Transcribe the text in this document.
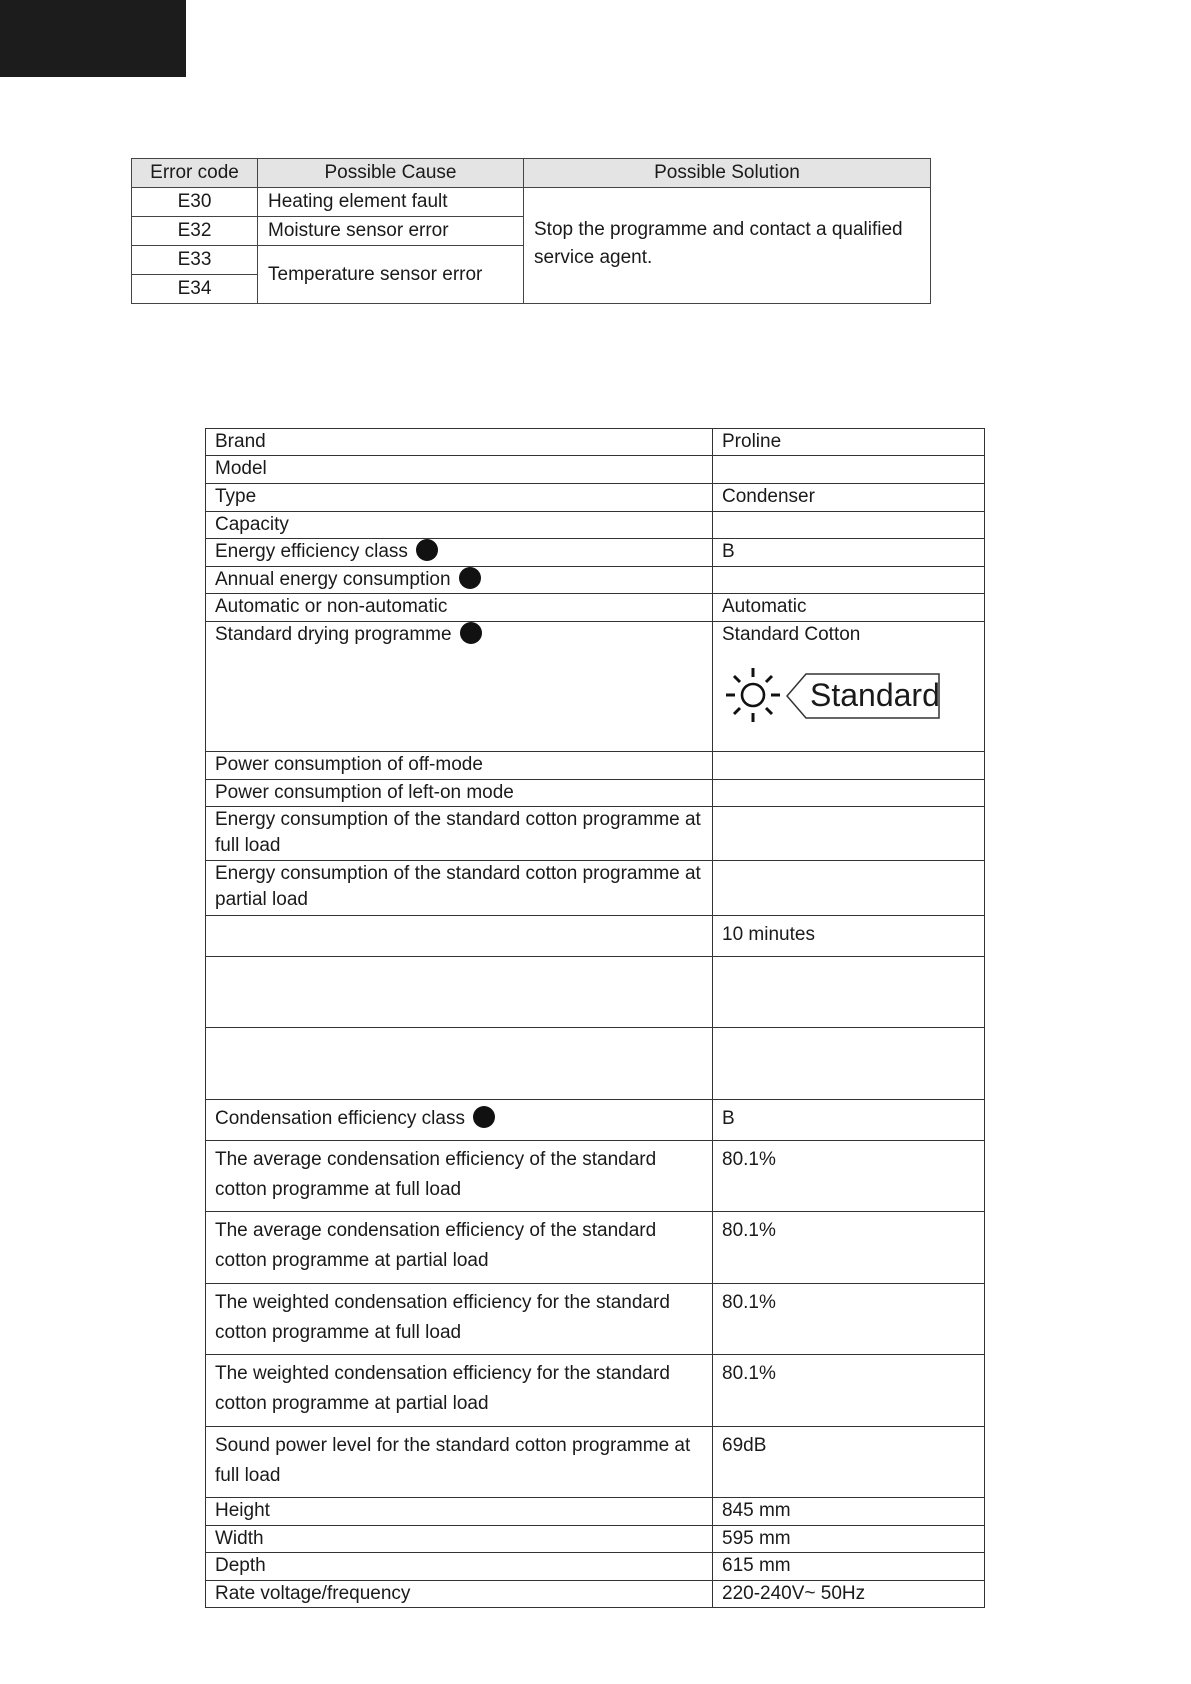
Error code	Possible Cause	Possible Solution
E30	Heating element fault	Stop the programme and contact a qualified service agent.
E32	Moisture sensor error	
E33	Temperature sensor error	
E34		
Brand	Proline
Model	
Type	Condenser
Capacity	
Energy efficiency class	B
Annual energy consumption	
Automatic or non-automatic	Automatic
Standard drying programme	Standard Cotton
Standard

Power consumption of off-mode	
Power consumption of left-on mode	
Energy consumption of the standard cotton programme at full load	
Energy consumption of the standard cotton programme at partial load	
	10 minutes

Condensation efficiency class	B
The average condensation efficiency of the standard cotton programme at full load	80.1%
The average condensation efficiency of the standard cotton programme at partial load	80.1%
The weighted condensation efficiency for the standard cotton programme at full load	80.1%
The weighted condensation efficiency for the standard cotton programme at partial load	80.1%
Sound power level for the standard cotton programme at full load	69dB
Height	845 mm
Width	595 mm
Depth	615 mm
Rate voltage/frequency	220-240V~ 50Hz
